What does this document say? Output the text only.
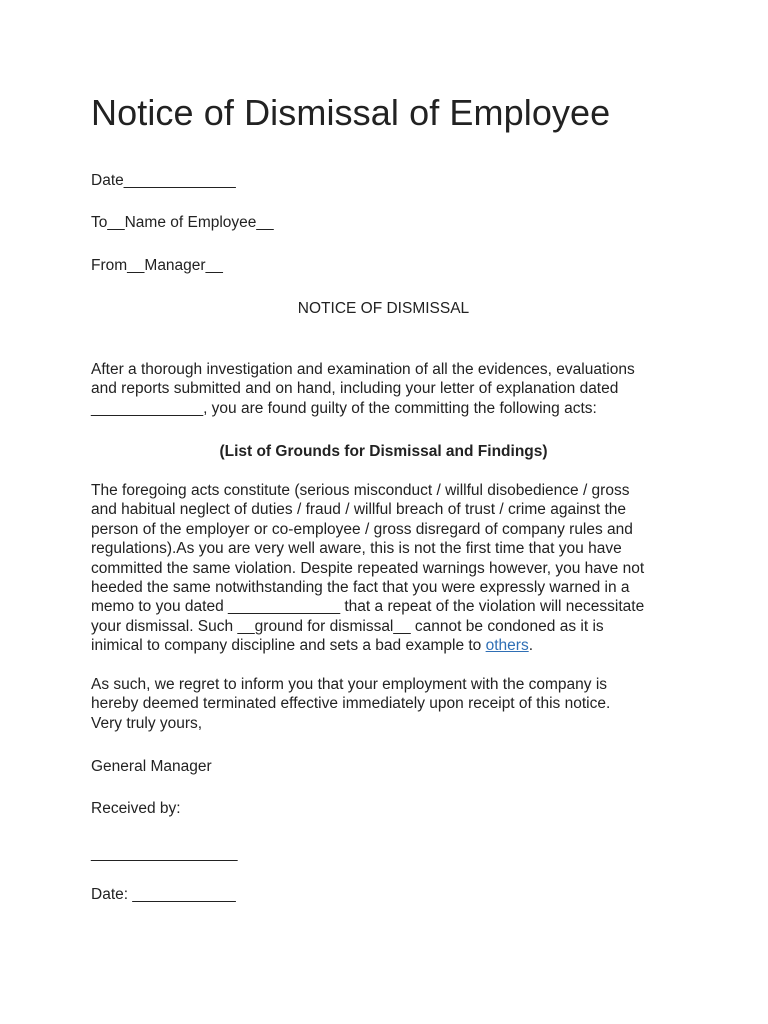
Notice of Dismissal of Employee
Date_____________
To__Name of Employee__
From__Manager__
NOTICE OF DISMISSAL
After a thorough investigation and examination of all the evidences, evaluations
and reports submitted and on hand, including your letter of explanation dated
_____________, you are found guilty of the committing the following acts:
(List of Grounds for Dismissal and Findings)
The foregoing acts constitute (serious misconduct / willful disobedience / gross
and habitual neglect of duties / fraud / willful breach of trust / crime against the
person of the employer or co-employee / gross disregard of company rules and
regulations).As you are very well aware, this is not the first time that you have
committed the same violation. Despite repeated warnings however, you have not
heeded the same notwithstanding the fact that you were expressly warned in a
memo to you dated _____________ that a repeat of the violation will necessitate
your dismissal. Such __ground for dismissal__ cannot be condoned as it is
inimical to company discipline and sets a bad example to others.
As such, we regret to inform you that your employment with the company is
hereby deemed terminated effective immediately upon receipt of this notice.
Very truly yours,
General Manager
Received by:
_________________
Date: ____________
